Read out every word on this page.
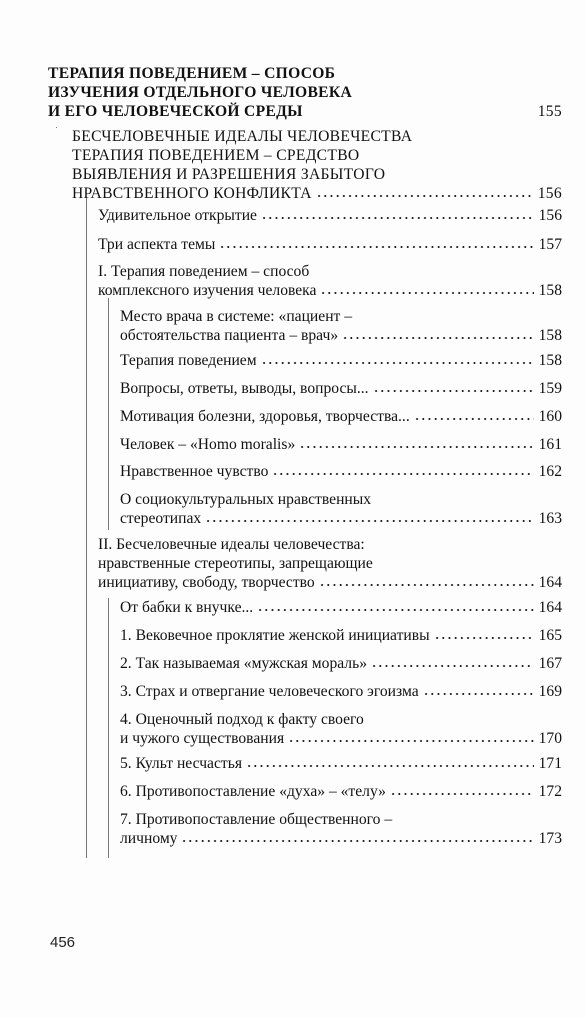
ТЕРАПИЯ ПОВЕДЕНИЕМ – СПОСОБ
ИЗУЧЕНИЯ ОТДЕЛЬНОГО ЧЕЛОВЕКА
И ЕГО ЧЕЛОВЕЧЕСКОЙ СРЕДЫ	155
БЕСЧЕЛОВЕЧНЫЕ ИДЕАЛЫ ЧЕЛОВЕЧЕСТВА
ТЕРАПИЯ ПОВЕДЕНИЕМ – СРЕДСТВО
ВЫЯВЛЕНИЯ И РАЗРЕШЕНИЯ ЗАБЫТОГО
НРАВСТВЕННОГО КОНФЛИКТА	156
Удивительное открытие	156
Три аспекта темы	157
I. Терапия поведением – способ
комплексного изучения человека	158
Место врача в системе: «пациент –
обстоятельства пациента – врач»	158
Терапия поведением	158
Вопросы, ответы, выводы, вопросы...	159
Мотивация болезни, здоровья, творчества...	160
Человек – «Homo moralis»	161
Нравственное чувство	162
О социокультуральных нравственных
стереотипах	163
II. Бесчеловечные идеалы человечества:
нравственные стереотипы, запрещающие
инициативу, свободу, творчество	164
От бабки к внучке...	164
1. Вековечное проклятие женской инициативы	165
2. Так называемая «мужская мораль»	167
3. Страх и отвергание человеческого эгоизма	169
4. Оценочный подход к факту своего
и чужого существования	170
5. Культ несчастья	171
6. Противопоставление «духа» – «телу»	172
7. Противопоставление общественного –
личному	173
456
